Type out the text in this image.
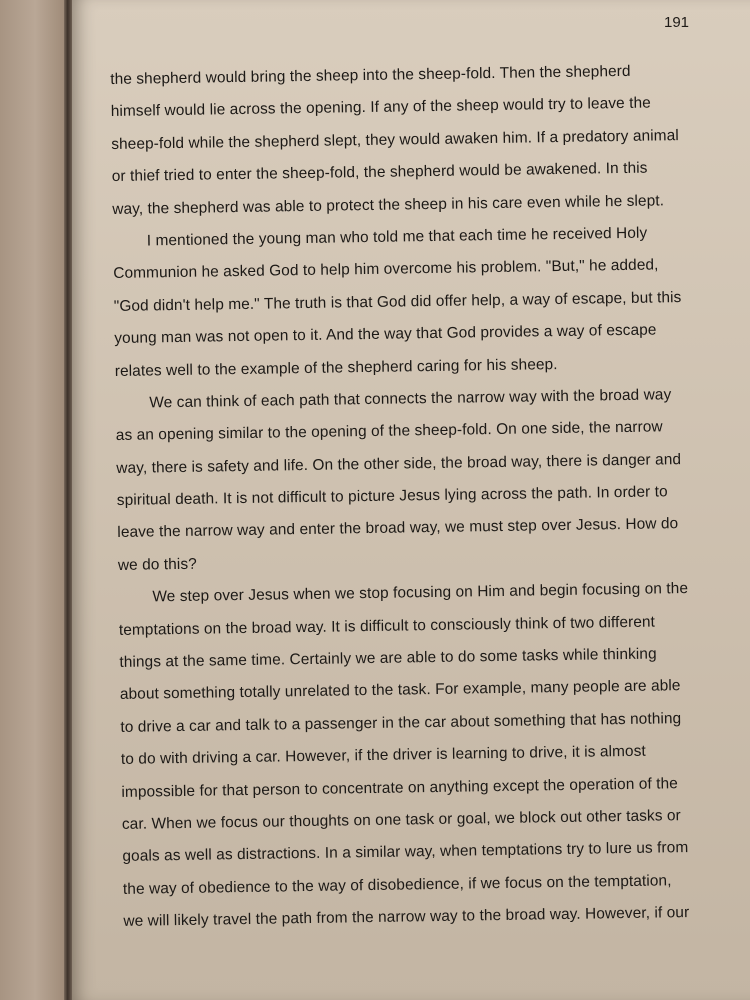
191

the shepherd would bring the sheep into the sheep-fold. Then the shepherd

himself would lie across the opening. If any of the sheep would try to leave the

sheep-fold while the shepherd slept, they would awaken him. If a predatory animal

or thief tried to enter the sheep-fold, the shepherd would be awakened. In this

way, the shepherd was able to protect the sheep in his care even while he slept.

I mentioned the young man who told me that each time he received Holy

Communion he asked God to help him overcome his problem. "But," he added,

"God didn't help me." The truth is that God did offer help, a way of escape, but this

young man was not open to it. And the way that God provides a way of escape

relates well to the example of the shepherd caring for his sheep.

We can think of each path that connects the narrow way with the broad way

as an opening similar to the opening of the sheep-fold. On one side, the narrow

way, there is safety and life. On the other side, the broad way, there is danger and

spiritual death. It is not difficult to picture Jesus lying across the path. In order to

leave the narrow way and enter the broad way, we must step over Jesus. How do

we do this?

We step over Jesus when we stop focusing on Him and begin focusing on the

temptations on the broad way. It is difficult to consciously think of two different

things at the same time. Certainly we are able to do some tasks while thinking

about something totally unrelated to the task. For example, many people are able

to drive a car and talk to a passenger in the car about something that has nothing

to do with driving a car. However, if the driver is learning to drive, it is almost

impossible for that person to concentrate on anything except the operation of the

car. When we focus our thoughts on one task or goal, we block out other tasks or

goals as well as distractions. In a similar way, when temptations try to lure us from

the way of obedience to the way of disobedience, if we focus on the temptation,

we will likely travel the path from the narrow way to the broad way. However, if our
